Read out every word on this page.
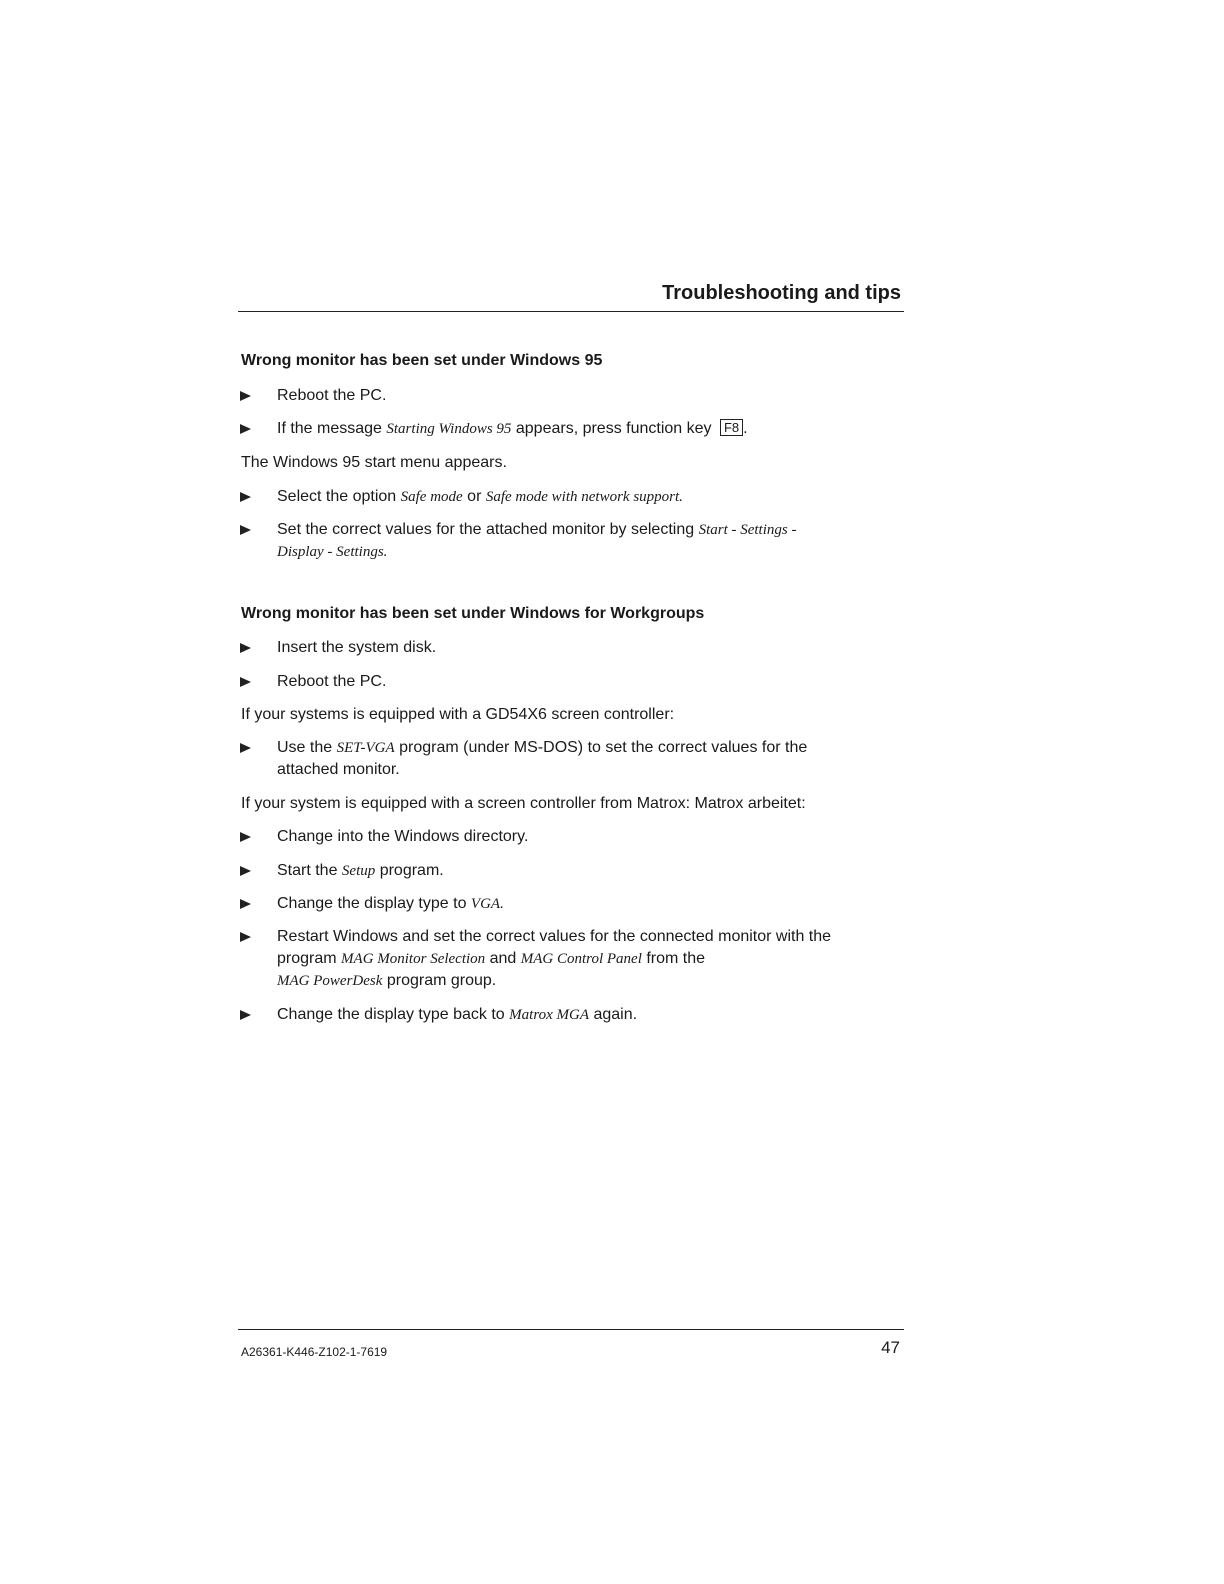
Troubleshooting and tips
Wrong monitor has been set under Windows 95
Reboot the PC.
If the message Starting Windows 95 appears, press function key F8 .
The Windows 95 start menu appears.
Select the option Safe mode or Safe mode with network support.
Set the correct values for the attached monitor by selecting Start - Settings -
Display - Settings.
Wrong monitor has been set under Windows for Workgroups
Insert the system disk.
Reboot the PC.
If your systems is equipped with a GD54X6 screen controller:
Use the SET-VGA program (under MS-DOS) to set the correct values for the
attached monitor.
If your system is equipped with a screen controller from Matrox: Matrox arbeitet:
Change into the Windows directory.
Start the Setup program.
Change the display type to VGA.
Restart Windows and set the correct values for the connected monitor with the
program MAG Monitor Selection and MAG Control Panel from the
MAG PowerDesk program group.
Change the display type back to Matrox MGA again.
A26361-K446-Z102-1-7619	47
